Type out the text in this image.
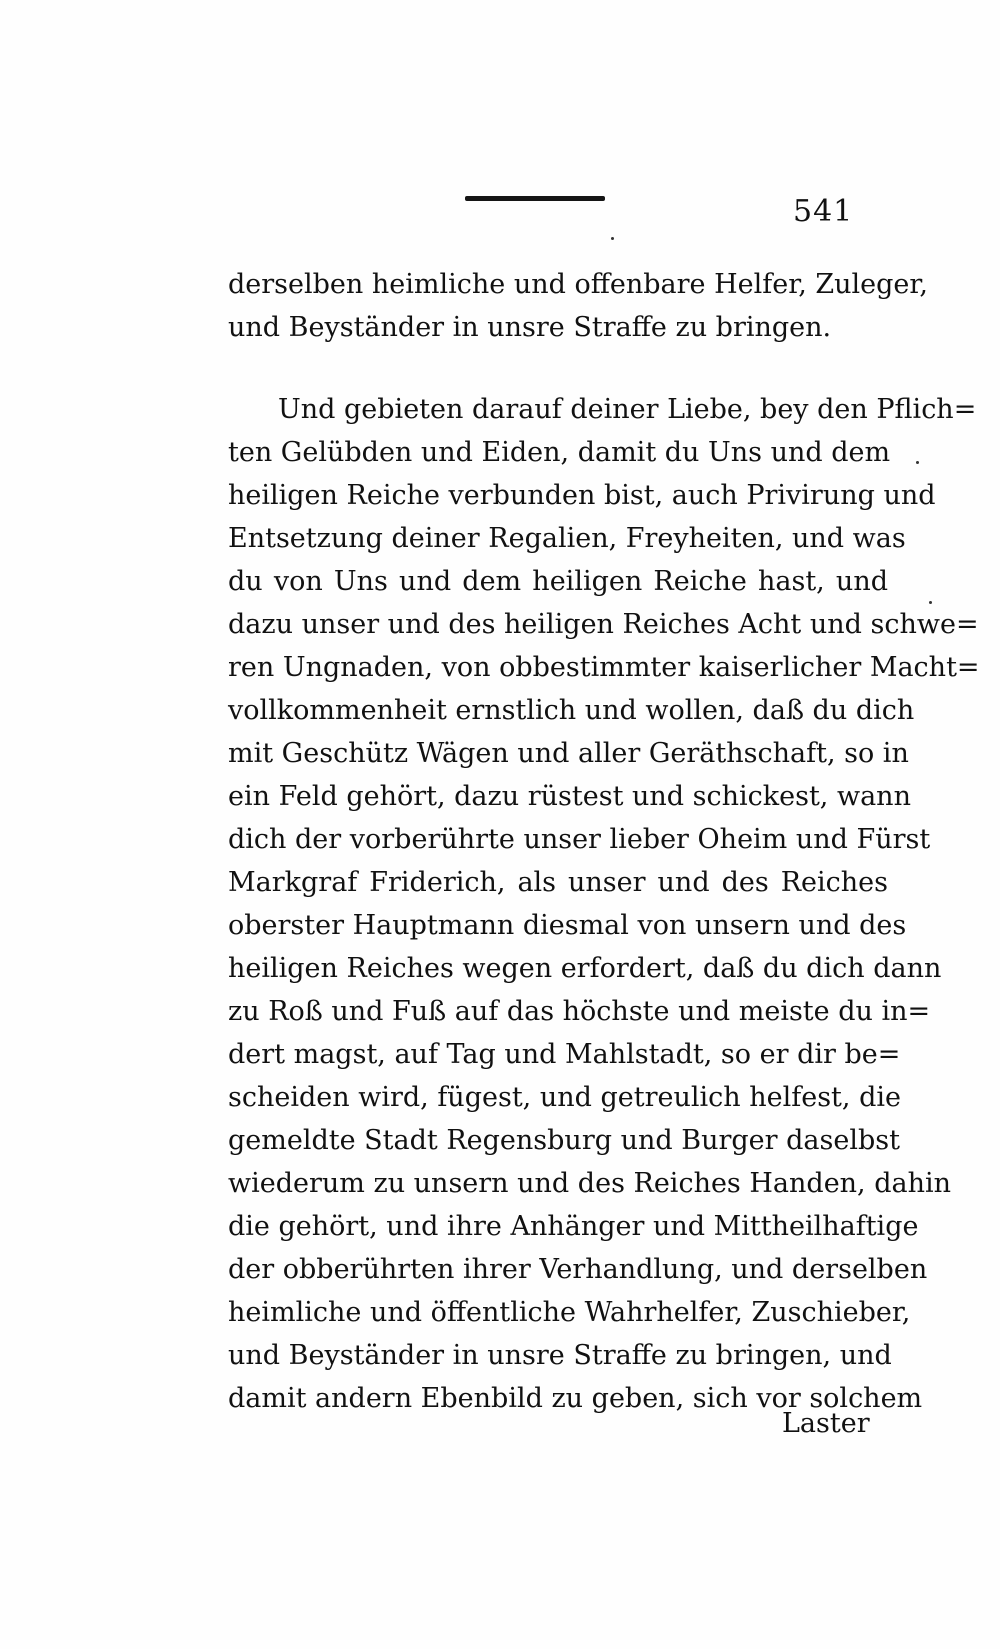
541
derselben heimliche und offenbare Helfer, Zuleger,
und Beyständer in unsre Straffe zu bringen.
Und gebieten darauf deiner Liebe, bey den Pflich=
ten Gelübden und Eiden, damit du Uns und dem
heiligen Reiche verbunden bist, auch Privirung und
Entsetzung deiner Regalien, Freyheiten, und was
du von Uns und dem heiligen Reiche hast, und
dazu unser und des heiligen Reiches Acht und schwe=
ren Ungnaden, von obbestimmter kaiserlicher Macht=
vollkommenheit ernstlich und wollen, daß du dich
mit Geschütz Wägen und aller Geräthschaft, so in
ein Feld gehört, dazu rüstest und schickest, wann
dich der vorberührte unser lieber Oheim und Fürst
Markgraf Friderich, als unser und des Reiches
oberster Hauptmann diesmal von unsern und des
heiligen Reiches wegen erfordert, daß du dich dann
zu Roß und Fuß auf das höchste und meiste du in=
dert magst, auf Tag und Mahlstadt, so er dir be=
scheiden wird, fügest, und getreulich helfest, die
gemeldte Stadt Regensburg und Burger daselbst
wiederum zu unsern und des Reiches Handen, dahin
die gehört, und ihre Anhänger und Mittheilhaftige
der obberührten ihrer Verhandlung, und derselben
heimliche und öffentliche Wahrhelfer, Zuschieber,
und Beyständer in unsre Straffe zu bringen, und
damit andern Ebenbild zu geben, sich vor solchem
Laster
